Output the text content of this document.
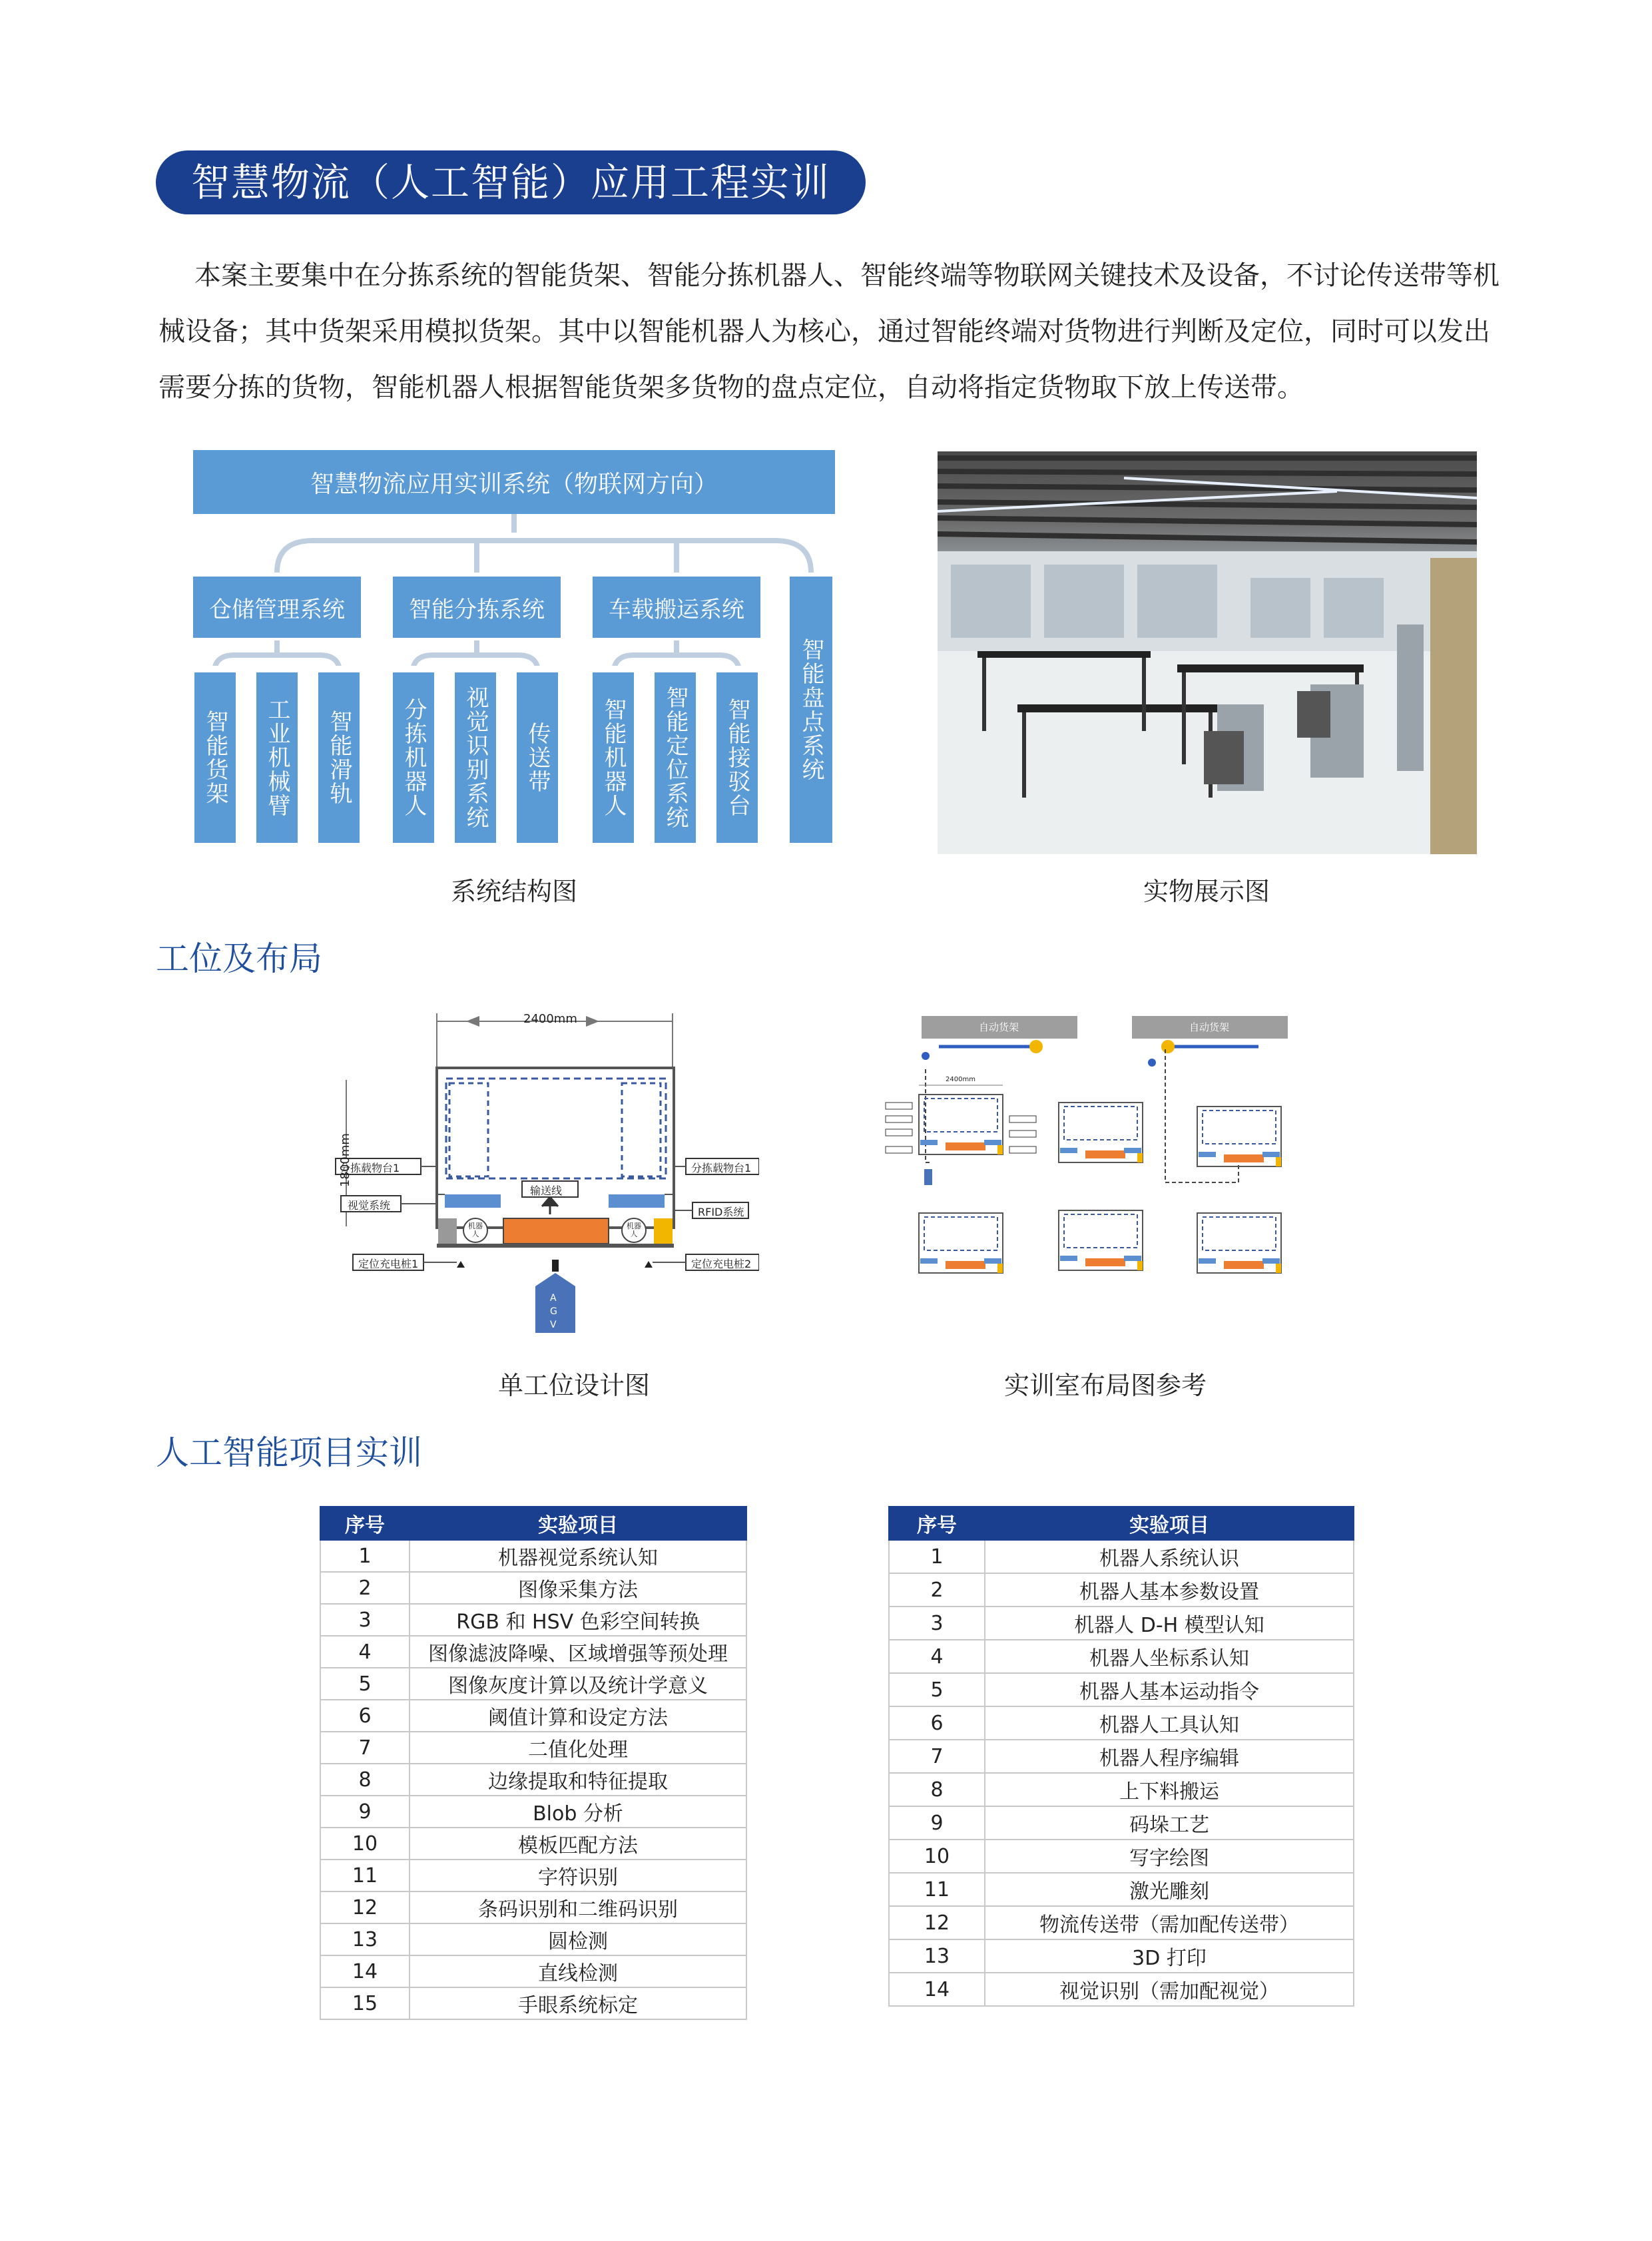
智慧物流（人工智能）应用工程实训
本案主要集中在分拣系统的智能货架、智能分拣机器人、智能终端等物联网关键技术及设备，不讨论传送带等机械设备；其中货架采用模拟货架。其中以智能机器人为核心，通过智能终端对货物进行判断及定位，同时可以发出需要分拣的货物，智能机器人根据智能货架多货物的盘点定位，自动将指定货物取下放上传送带。
智慧物流应用实训系统（物联网方向）
仓储管理系统	智能分拣系统	车载搬运系统
智能盘点系统
智能货架 工业机械臂 智能滑轨 分拣机器人 视觉识别系统 传送带 智能机器人 智能定位系统 智能接驳台
系统结构图	实物展示图
工位及布局
2400mm
1800mm
分拣载物台1
视觉系统
定位充电桩1
输送线
分拣载物台1
RFID系统
定位充电桩2
机器人
机器人
AGV
自动货架	自动货架
2400mm
单工位设计图	实训室布局图参考
人工智能项目实训
序号	实验项目
1	机器视觉系统认知
2	图像采集方法
3	RGB 和 HSV 色彩空间转换
4	图像滤波降噪、区域增强等预处理
5	图像灰度计算以及统计学意义
6	阈值计算和设定方法
7	二值化处理
8	边缘提取和特征提取
9	Blob 分析
10	模板匹配方法
11	字符识别
12	条码识别和二维码识别
13	圆检测
14	直线检测
15	手眼系统标定
序号	实验项目
1	机器人系统认识
2	机器人基本参数设置
3	机器人 D-H 模型认知
4	机器人坐标系认知
5	机器人基本运动指令
6	机器人工具认知
7	机器人程序编辑
8	上下料搬运
9	码垛工艺
10	写字绘图
11	激光雕刻
12	物流传送带（需加配传送带）
13	3D 打印
14	视觉识别（需加配视觉）
